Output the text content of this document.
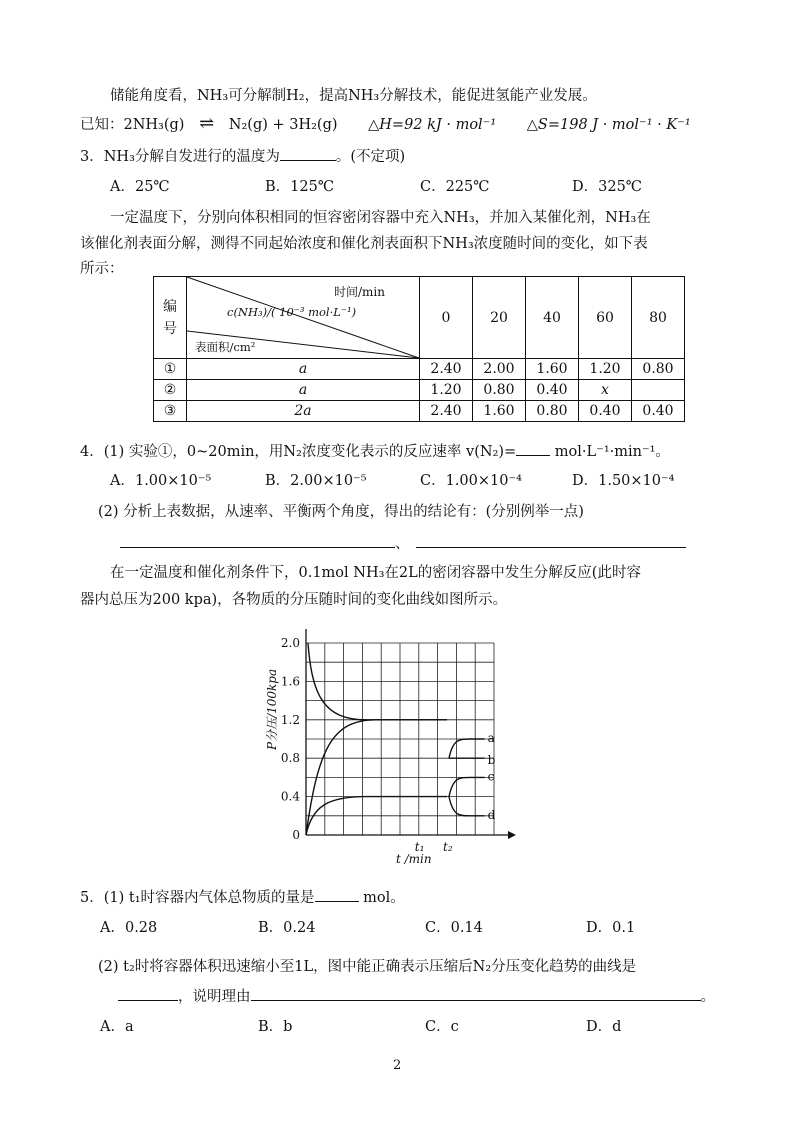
储能角度看，NH₃可分解制H₂，提高NH₃分解技术，能促进氢能产业发展。
已知：2NH₃(g) ⇌ N₂(g) + 3H₂(g) △H=92 kJ · mol⁻¹ △S=198 J · mol⁻¹ · K⁻¹
3．NH₃分解自发进行的温度为	。(不定项)
A．25℃	B．125℃	C．225℃	D．325℃
一定温度下，分别向体积相同的恒容密闭容器中充入NH₃，并加入某催化剂，NH₃在
该催化剂表面分解，测得不同起始浓度和催化剂表面积下NH₃浓度随时间的变化，如下表
所示：
编号	时间/min
c(NH₃)/( 10⁻³ mol·L⁻¹)
表面积/cm²	0	20	40	60	80
①	a	2.40	2.00	1.60	1.20	0.80
②	a	1.20	0.80	0.40	x	
③	2a	2.40	1.60	0.80	0.40	0.40
4．(1) 实验①，0~20min，用N₂浓度变化表示的反应速率 v(N₂)= mol·L⁻¹·min⁻¹。
A．1.00×10⁻⁵	B．2.00×10⁻⁵	C．1.00×10⁻⁴	D．1.50×10⁻⁴
(2) 分析上表数据，从速率、平衡两个角度，得出的结论有：(分别例举一点)
、
在一定温度和催化剂条件下，0.1mol NH₃在2L的密闭容器中发生分解反应(此时容
器内总压为200 kpa)，各物质的分压随时间的变化曲线如图所示。
0
0.4
0.8
1.2
1.6
2.0
t₁ t₂
a
b
c
d
P分压/100kpa
t /min
5．(1) t₁时容器内气体总物质的量是	mol。
A．0.28	B．0.24	C．0.14	D．0.1
(2) t₂时将容器体积迅速缩小至1L，图中能正确表示压缩后N₂分压变化趋势的曲线是
，说明理由	。
A．a	B．b	C．c	D．d
2
